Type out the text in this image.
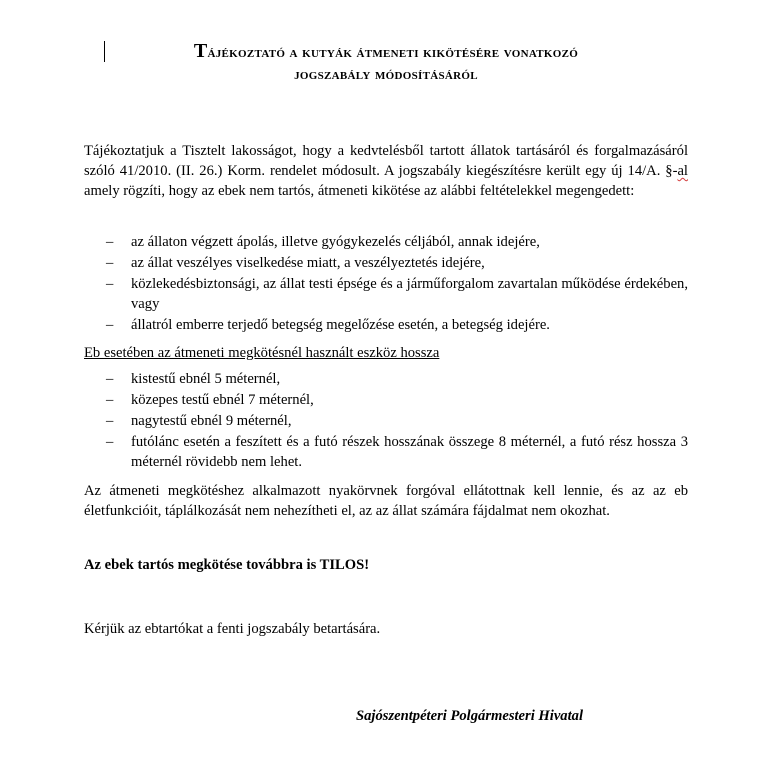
Tájékoztató a kutyák átmeneti kikötésére vonatkozó
jogszabály módosításáról
Tájékoztatjuk a Tisztelt lakosságot, hogy a kedvtelésből tartott állatok tartásáról és forgalmazásáról szóló 41/2010. (II. 26.) Korm. rendelet módosult. A jogszabály kiegészítésre került egy új 14/A. §-al amely rögzíti, hogy az ebek nem tartós, átmeneti kikötése az alábbi feltételekkel megengedett:
– az állaton végzett ápolás, illetve gyógykezelés céljából, annak idejére,
– az állat veszélyes viselkedése miatt, a veszélyeztetés idejére,
– közlekedésbiztonsági, az állat testi épsége és a járműforgalom zavartalan működése érdekében, vagy
– állatról emberre terjedő betegség megelőzése esetén, a betegség idejére.
Eb esetében az átmeneti megkötésnél használt eszköz hossza
– kistestű ebnél 5 méternél,
– közepes testű ebnél 7 méternél,
– nagytestű ebnél 9 méternél,
– futólánc esetén a feszített és a futó részek hosszának összege 8 méternél, a futó rész hossza 3 méternél rövidebb nem lehet.
Az átmeneti megkötéshez alkalmazott nyakörvnek forgóval ellátottnak kell lennie, és az az eb életfunkcióit, táplálkozását nem nehezítheti el, az az állat számára fájdalmat nem okozhat.
Az ebek tartós megkötése továbbra is TILOS!
Kérjük az ebtartókat a fenti jogszabály betartására.
Sajószentpéteri Polgármesteri Hivatal
